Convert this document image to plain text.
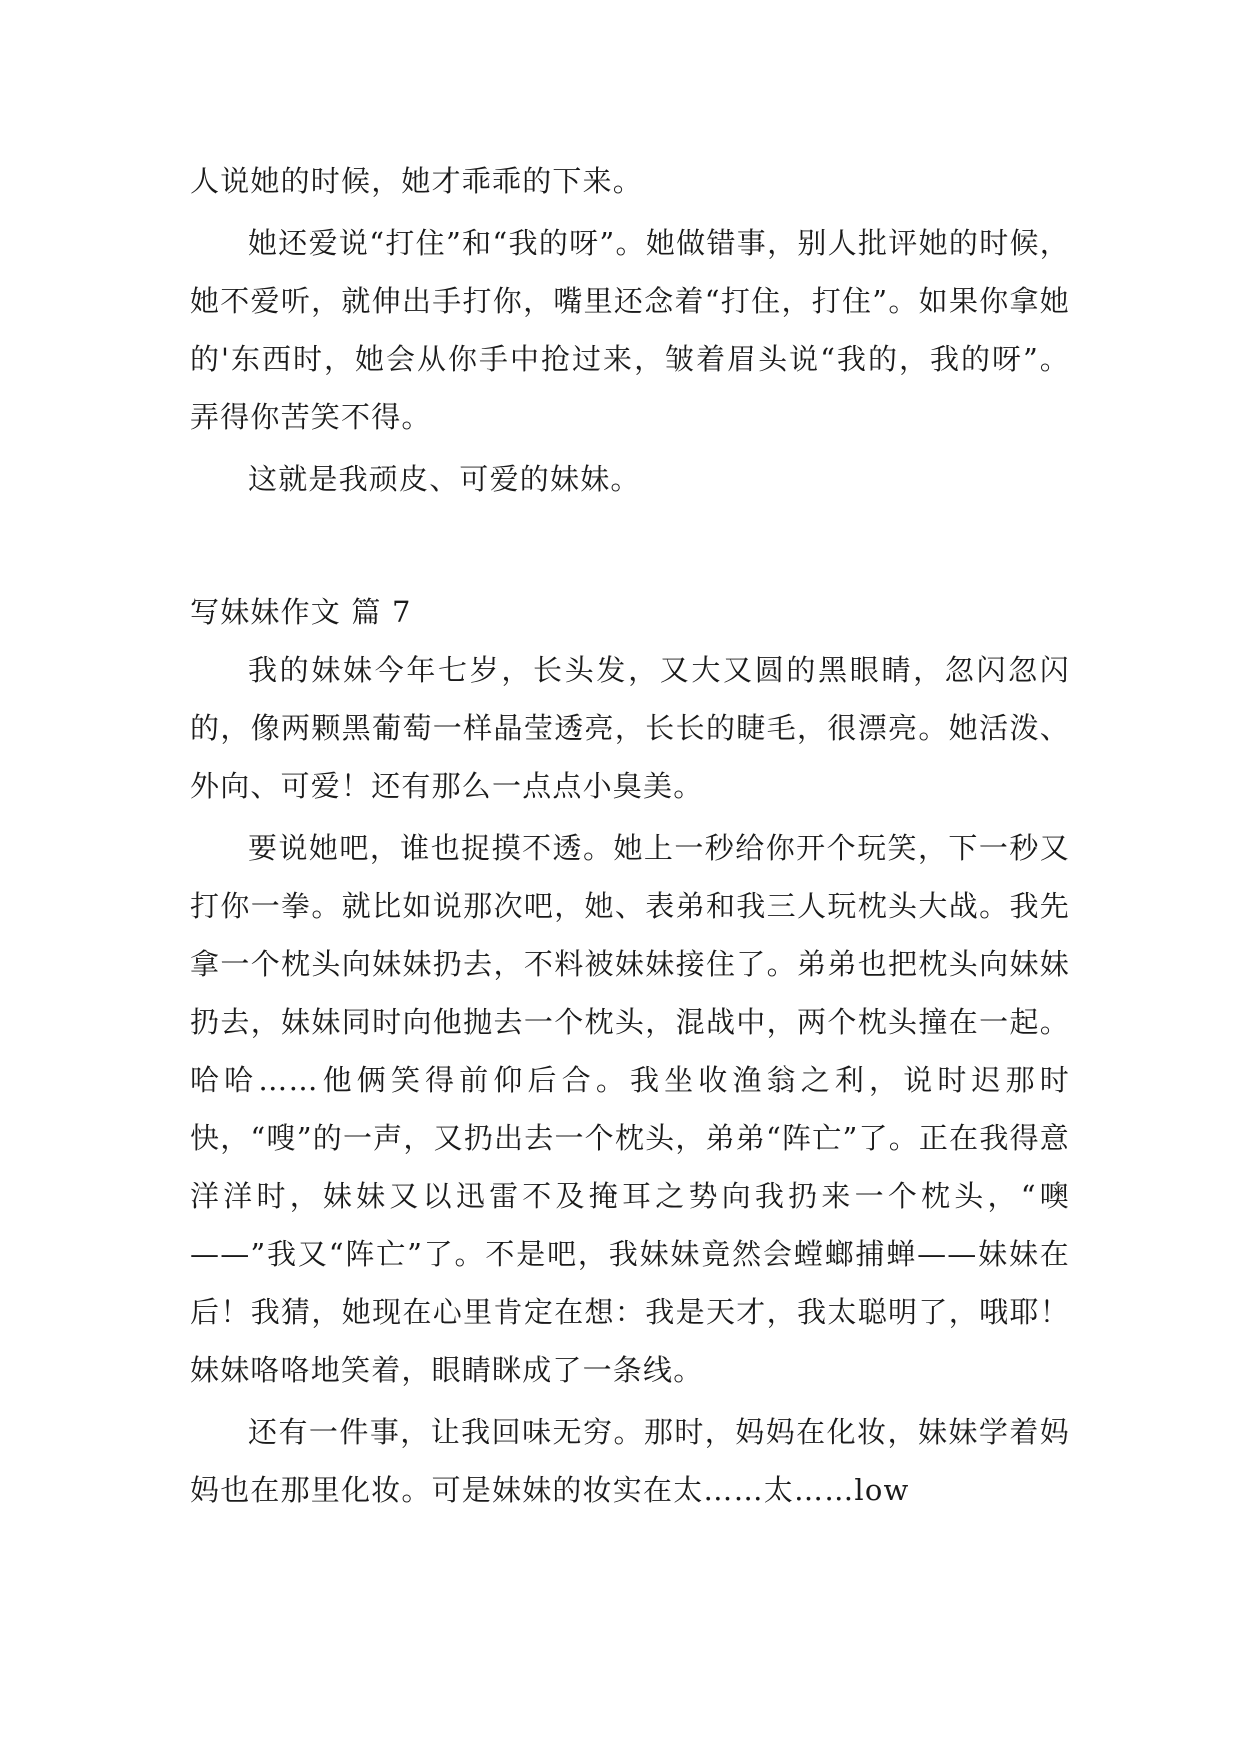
人说她的时候，她才乖乖的下来。

她还爱说“打住”和“我的呀”。她做错事，别人批评她的时候，她不爱听，就伸出手打你，嘴里还念着“打住，打住”。如果你拿她的'东西时，她会从你手中抢过来，皱着眉头说“我的，我的呀”。弄得你苦笑不得。

这就是我顽皮、可爱的妹妹。

写妹妹作文 篇 7

我的妹妹今年七岁，长头发，又大又圆的黑眼睛，忽闪忽闪的，像两颗黑葡萄一样晶莹透亮，长长的睫毛，很漂亮。她活泼、外向、可爱！还有那么一点点小臭美。

要说她吧，谁也捉摸不透。她上一秒给你开个玩笑，下一秒又打你一拳。就比如说那次吧，她、表弟和我三人玩枕头大战。我先拿一个枕头向妹妹扔去，不料被妹妹接住了。弟弟也把枕头向妹妹扔去，妹妹同时向他抛去一个枕头，混战中，两个枕头撞在一起。哈哈……他俩笑得前仰后合。我坐收渔翁之利，说时迟那时快，“嗖”的一声，又扔出去一个枕头，弟弟“阵亡”了。正在我得意洋洋时，妹妹又以迅雷不及掩耳之势向我扔来一个枕头，“噢——”我又“阵亡”了。不是吧，我妹妹竟然会螳螂捕蝉——妹妹在后！我猜，她现在心里肯定在想：我是天才，我太聪明了，哦耶！妹妹咯咯地笑着，眼睛眯成了一条线。

还有一件事，让我回味无穷。那时，妈妈在化妆，妹妹学着妈妈也在那里化妆。可是妹妹的妆实在太……太……low
